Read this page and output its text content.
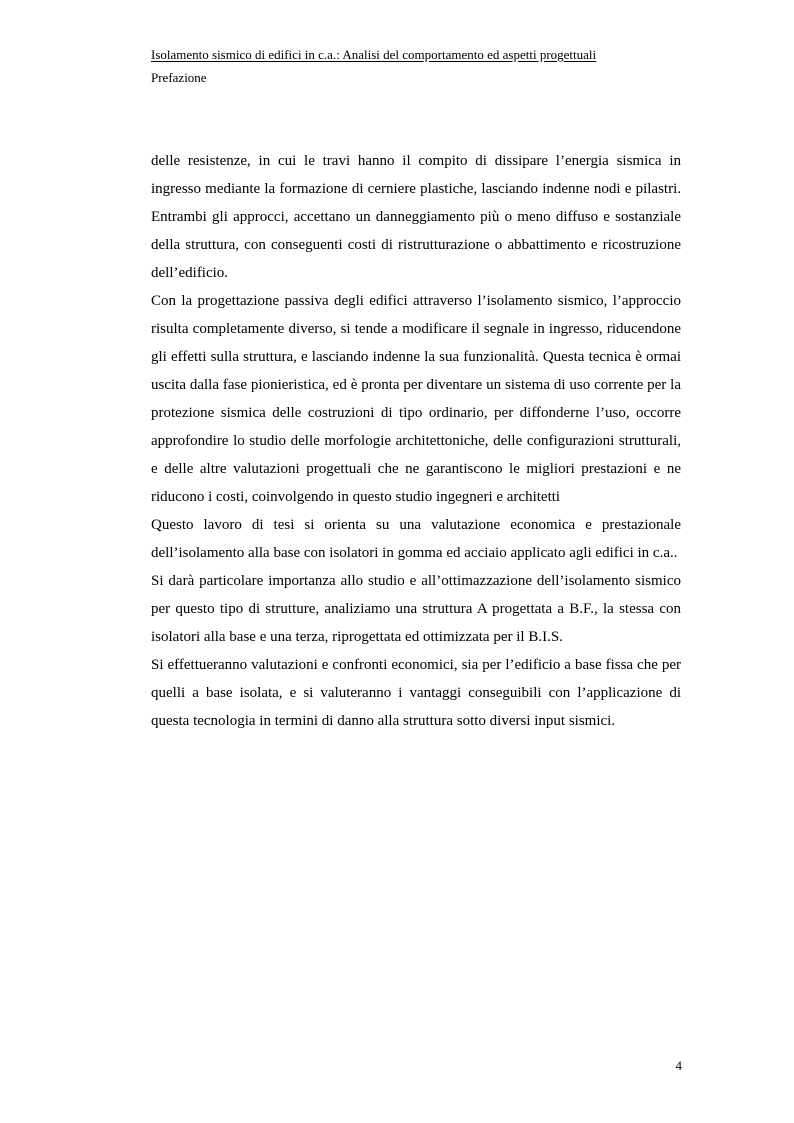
Isolamento sismico di edifici in c.a.: Analisi del comportamento ed aspetti progettuali
Prefazione

delle resistenze, in cui le travi hanno il compito di dissipare l’energia sismica in ingresso mediante la formazione di cerniere plastiche, lasciando indenne nodi e pilastri. Entrambi gli approcci, accettano un danneggiamento più o meno diffuso e sostanziale della struttura, con conseguenti costi di ristrutturazione o abbattimento e ricostruzione dell’edificio.

Con la progettazione passiva degli edifici attraverso l’isolamento sismico, l’approccio risulta completamente diverso, si tende a modificare il segnale in ingresso, riducendone gli effetti sulla struttura, e lasciando indenne la sua funzionalità. Questa tecnica è ormai uscita dalla fase pionieristica, ed è pronta per diventare un sistema di uso corrente per la protezione sismica delle costruzioni di tipo ordinario, per diffonderne l’uso, occorre approfondire lo studio delle morfologie architettoniche, delle configurazioni strutturali, e delle altre valutazioni progettuali che ne garantiscono le migliori prestazioni e ne riducono i costi, coinvolgendo in questo studio ingegneri e architetti

Questo lavoro di tesi si orienta su una valutazione economica e prestazionale dell’isolamento alla base con isolatori in gomma ed acciaio applicato agli edifici in c.a..

Si darà particolare importanza allo studio e all’ottimazzazione dell’isolamento sismico per questo tipo di strutture, analiziamo una struttura A progettata a B.F., la stessa con isolatori alla base e una terza, riprogettata ed ottimizzata per il B.I.S.

Si effettueranno valutazioni e confronti economici, sia per l’edificio a base fissa che per quelli a base isolata, e si valuteranno i vantaggi conseguibili con l’applicazione di questa tecnologia in termini di danno alla struttura sotto diversi input sismici.

4
